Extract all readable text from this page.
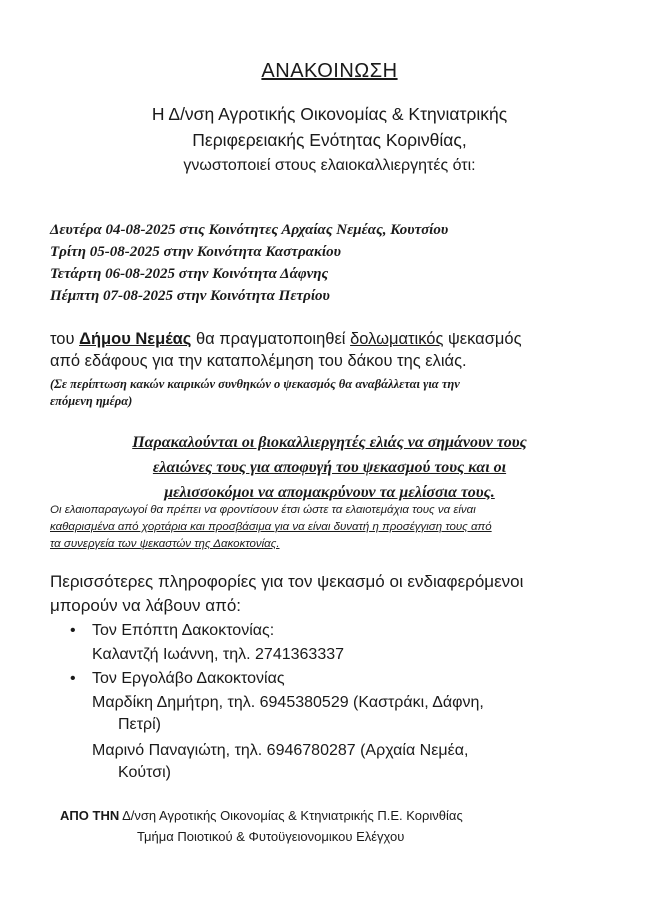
ΑΝΑΚΟΙΝΩΣΗ
Η Δ/νση Αγροτικής Οικονομίας & Κτηνιατρικής
Περιφερειακής Ενότητας Κορινθίας,
γνωστοποιεί στους ελαιοκαλλιεργητές ότι:
Δευτέρα 04-08-2025 στις Κοινότητες Αρχαίας Νεμέας, Κουτσίου
Τρίτη 05-08-2025 στην Κοινότητα Καστρακίου
Τετάρτη 06-08-2025 στην Κοινότητα Δάφνης
Πέμπτη 07-08-2025 στην Κοινότητα Πετρίου
του Δήμου Νεμέας θα πραγματοποιηθεί δολωματικός ψεκασμός
από εδάφους για την καταπολέμηση του δάκου της ελιάς.
(Σε περίπτωση κακών καιρικών συνθηκών ο ψεκασμός θα αναβάλλεται για την
επόμενη ημέρα)
Παρακαλούνται οι βιοκαλλιεργητές ελιάς να σημάνουν τους
ελαιώνες τους για αποφυγή του ψεκασμού τους και οι
μελισσοκόμοι να απομακρύνουν τα μελίσσια τους.
Οι ελαιοπαραγωγοί θα πρέπει να φροντίσουν έτσι ώστε τα ελαιοτεμάχια τους να είναι
καθαρισμένα από χορτάρια και προσβάσιμα για να είναι δυνατή η προσέγγιση τους από
τα συνεργεία των ψεκαστών της Δακοκτονίας.
Περισσότερες πληροφορίες για τον ψεκασμό οι ενδιαφερόμενοι
μπορούν να λάβουν από:
• Τον Επόπτη Δακοκτονίας:
Καλαντζή Ιωάννη, τηλ. 2741363337
• Τον Εργολάβο Δακοκτονίας
Μαρδίκη Δημήτρη, τηλ. 6945380529 (Καστράκι, Δάφνη,
Πετρί)
Μαρινό Παναγιώτη, τηλ. 6946780287 (Αρχαία Νεμέα,
Κούτσι)
ΑΠΟ ΤΗΝ Δ/νση Αγροτικής Οικονομίας & Κτηνιατρικής Π.Ε. Κορινθίας
Τμήμα Ποιοτικού & Φυτοϋγειονομικου Ελέγχου
